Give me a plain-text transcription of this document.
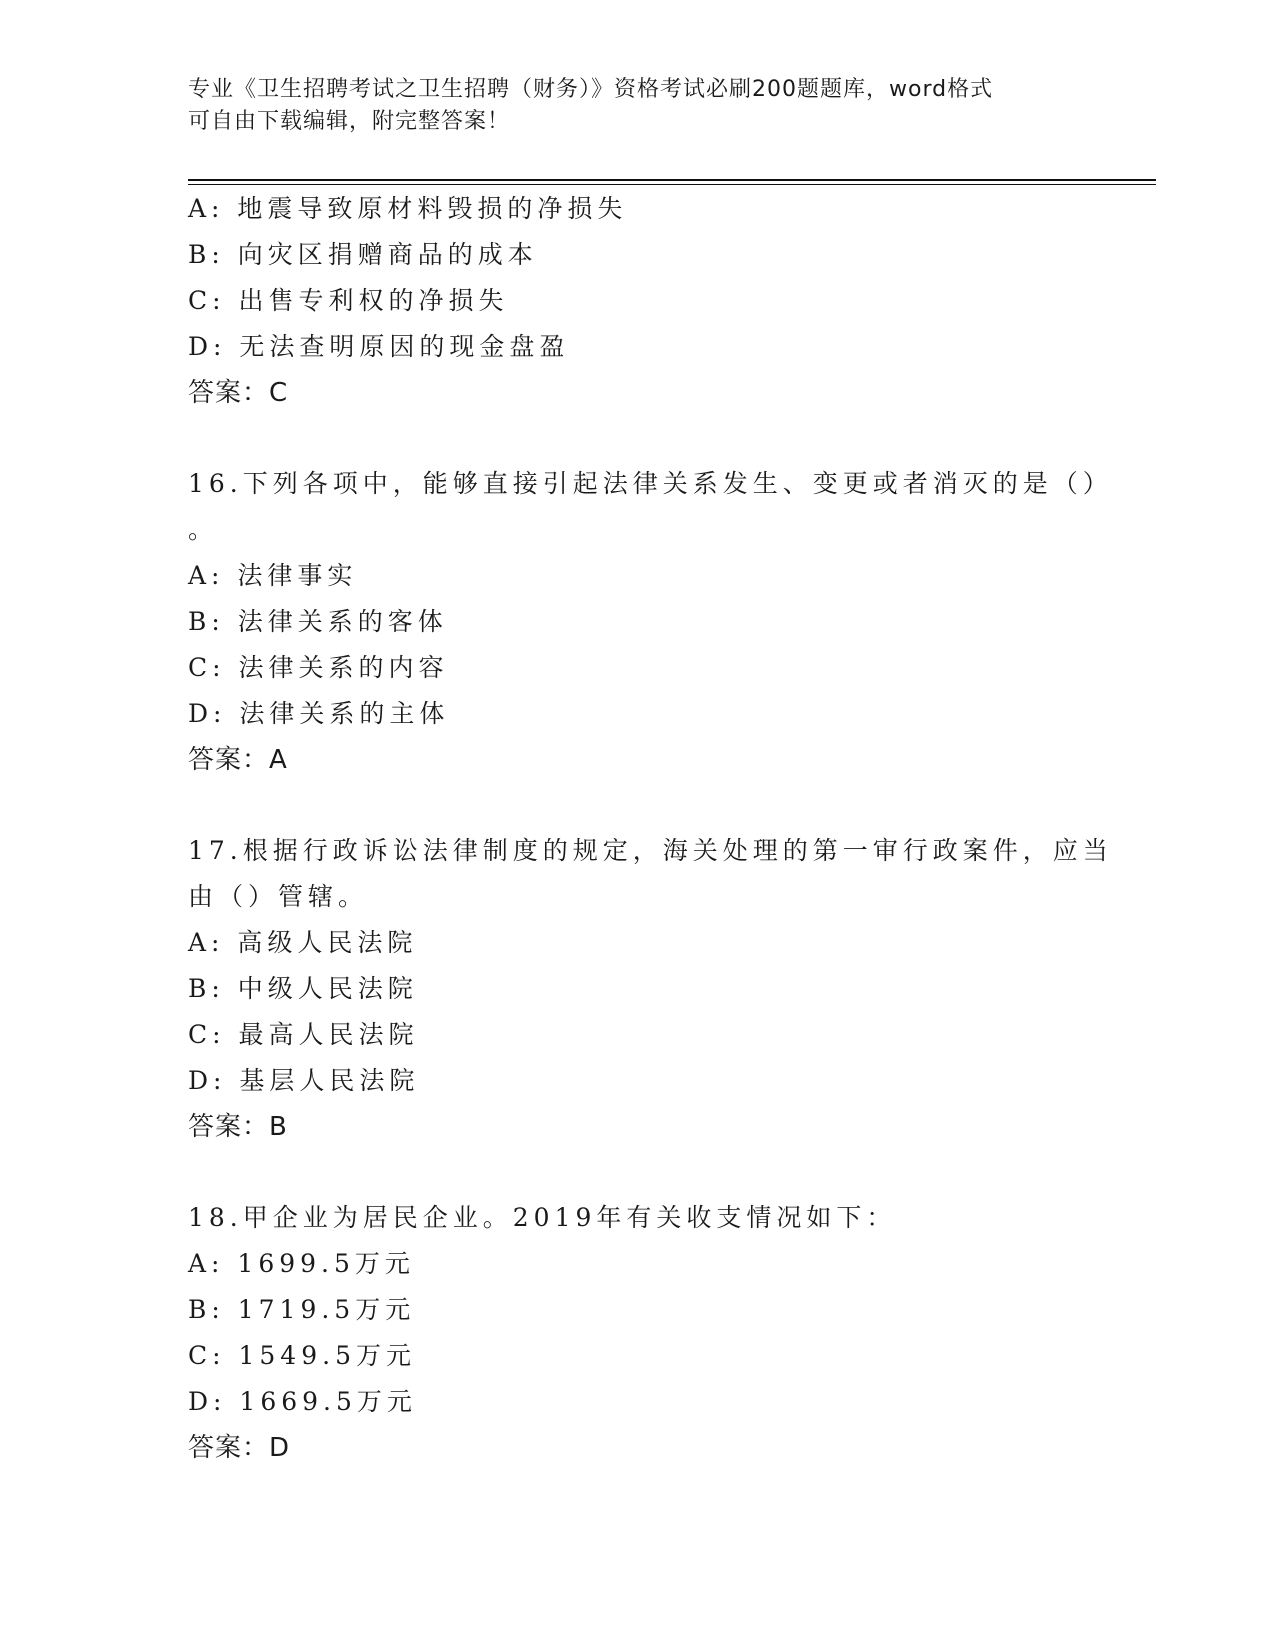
专业《卫生招聘考试之卫生招聘（财务）》资格考试必刷200题题库，word格式
可自由下载编辑，附完整答案！
A: 地震导致原材料毁损的净损失
B: 向灾区捐赠商品的成本
C: 出售专利权的净损失
D: 无法查明原因的现金盘盈
答案：C
16.下列各项中，能够直接引起法律关系发生、变更或者消灭的是（）
。
A: 法律事实
B: 法律关系的客体
C: 法律关系的内容
D: 法律关系的主体
答案：A
17.根据行政诉讼法律制度的规定，海关处理的第一审行政案件，应当
由（）管辖。
A: 高级人民法院
B: 中级人民法院
C: 最高人民法院
D: 基层人民法院
答案：B
18.甲企业为居民企业。2019年有关收支情况如下：
A: 1699.5万元
B: 1719.5万元
C: 1549.5万元
D: 1669.5万元
答案：D
